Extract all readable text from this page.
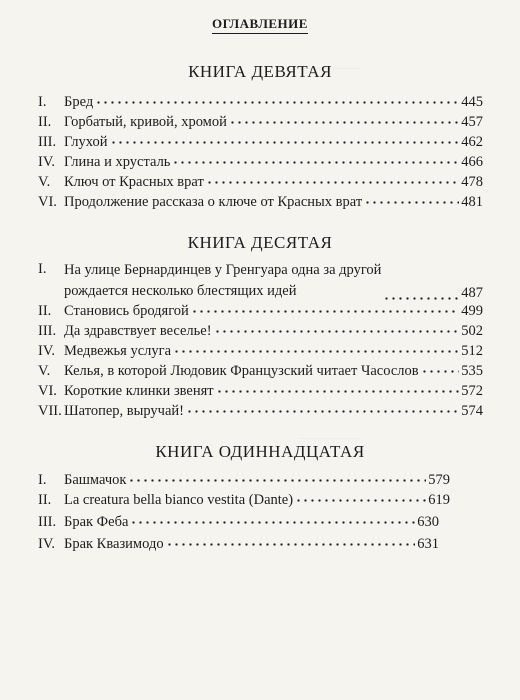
ОГЛАВЛЕНИЕ
КНИГА ДЕВЯТАЯ
I.	Бред	445
II. Горбатый, кривой, хромой	457
III. Глухой	462
IV. Глина и хрусталь	466
V. Ключ от Красных врат	478
VI. Продолжение рассказа о ключе от Красных врат	481
КНИГА ДЕСЯТАЯ
I.	На улице Бернардинцев у Гренгуара одна за другой
рождается несколько блестящих идей	487
II. Становись бродягой	499
III. Да здравствует веселье!	502
IV. Медвежья услуга	512
V. Келья, в которой Людовик Французский читает Часослов	535
VI. Короткие клинки звенят	572
VII. Шатопер, выручай!	574
КНИГА ОДИННАДЦАТАЯ
I.	Башмачок	579
II. La creatura bella bianco vestita (Dante)	619
III. Брак Феба	630
IV. Брак Квазимодо	631
